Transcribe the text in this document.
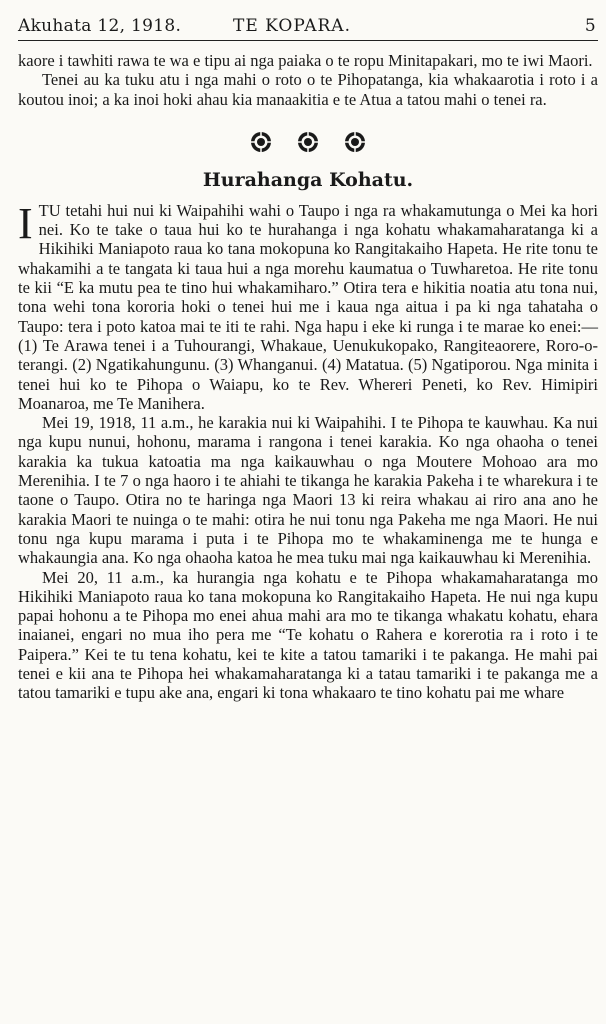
Akuhata 12, 1918.	TE KOPARA.	5

kaore i tawhiti rawa te wa e tipu ai nga paiaka o te ropu Minitapakari, mo te iwi Maori.

Tenei au ka tuku atu i nga mahi o roto o te Pihopatanga, kia whakaarotia i roto i a koutou inoi; a ka inoi hoki ahau kia manaakitia e te Atua a tatou mahi o tenei ra.

Hurahanga Kohatu.

ITU tetahi hui nui ki Waipahihi wahi o Taupo i nga ra whakamutunga o Mei ka hori nei. Ko te take o taua hui ko te hurahanga i nga kohatu whakamaharatanga ki a Hikihiki Maniapoto raua ko tana mokopuna ko Rangitakaiho Hapeta. He rite tonu te whakamihi a te tangata ki taua hui a nga morehu kaumatua o Tuwharetoa. He rite tonu te kii “E ka mutu pea te tino hui whakamiharo.” Otira tera e hikitia noatia atu tona nui, tona wehi tona kororia hoki o tenei hui me i kaua nga aitua i pa ki nga tahataha o Taupo: tera i poto katoa mai te iti te rahi. Nga hapu i eke ki runga i te marae ko enei:—(1) Te Arawa tenei i a Tuhourangi, Whakaue, Uenukukopako, Rangiteaorere, Roro-o-terangi. (2) Ngatikahungunu. (3) Whanganui. (4) Matatua. (5) Ngatiporou. Nga minita i tenei hui ko te Pihopa o Waiapu, ko te Rev. Whereri Peneti, ko Rev. Himipiri Moanaroa, me Te Manihera.

Mei 19, 1918, 11 a.m., he karakia nui ki Waipahihi. I te Pihopa te kauwhau. Ka nui nga kupu nunui, hohonu, marama i rangona i tenei karakia. Ko nga ohaoha o tenei karakia ka tukua katoatia ma nga kaikauwhau o nga Moutere Mohoao ara mo Merenihia. I te 7 o nga haoro i te ahiahi te tikanga he karakia Pakeha i te wharekura i te taone o Taupo. Otira no te haringa nga Maori 13 ki reira whakau ai riro ana ano he karakia Maori te nuinga o te mahi: otira he nui tonu nga Pakeha me nga Maori. He nui tonu nga kupu marama i puta i te Pihopa mo te whakaminenga me te hunga e whakaungia ana. Ko nga ohaoha katoa he mea tuku mai nga kaikauwhau ki Merenihia.

Mei 20, 11 a.m., ka hurangia nga kohatu e te Pihopa whakamaharatanga mo Hikihiki Maniapoto raua ko tana mokopuna ko Rangitakaiho Hapeta. He nui nga kupu papai hohonu a te Pihopa mo enei ahua mahi ara mo te tikanga whakatu kohatu, ehara inaianei, engari no mua iho pera me “Te kohatu o Rahera e korerotia ra i roto i te Paipera.” Kei te tu tena kohatu, kei te kite a tatou tamariki i te pakanga. He mahi pai tenei e kii ana te Pihopa hei whakamaharatanga ki a tatau tamariki i te pakanga me a tatou tamariki e tupu ake ana, engari ki tona whakaaro te tino kohatu pai me whare
